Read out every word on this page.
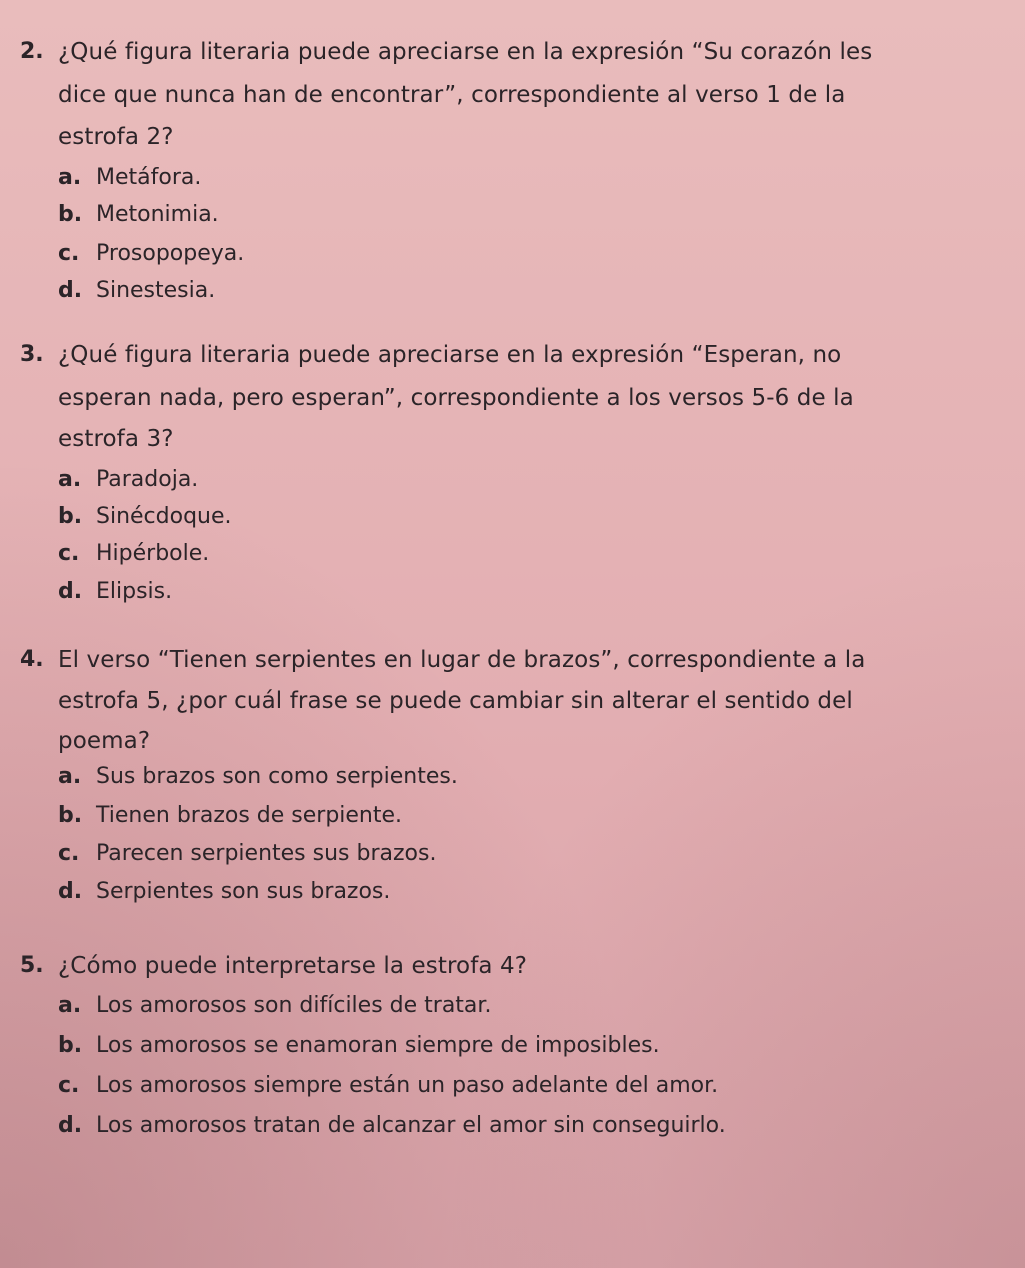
2. ¿Qué figura literaria puede apreciarse en la expresión “Su corazón les
dice que nunca han de encontrar”, correspondiente al verso 1 de la
estrofa 2?
a. Metáfora.
b. Metonimia.
c. Prosopopeya.
d. Sinestesia.
3. ¿Qué figura literaria puede apreciarse en la expresión “Esperan, no
esperan nada, pero esperan”, correspondiente a los versos 5-6 de la
estrofa 3?
a. Paradoja.
b. Sinécdoque.
c. Hipérbole.
d. Elipsis.
4. El verso “Tienen serpientes en lugar de brazos”, correspondiente a la
estrofa 5, ¿por cuál frase se puede cambiar sin alterar el sentido del
poema?
a. Sus brazos son como serpientes.
b. Tienen brazos de serpiente.
c. Parecen serpientes sus brazos.
d. Serpientes son sus brazos.
5. ¿Cómo puede interpretarse la estrofa 4?
a. Los amorosos son difíciles de tratar.
b. Los amorosos se enamoran siempre de imposibles.
c. Los amorosos siempre están un paso adelante del amor.
d. Los amorosos tratan de alcanzar el amor sin conseguirlo.
